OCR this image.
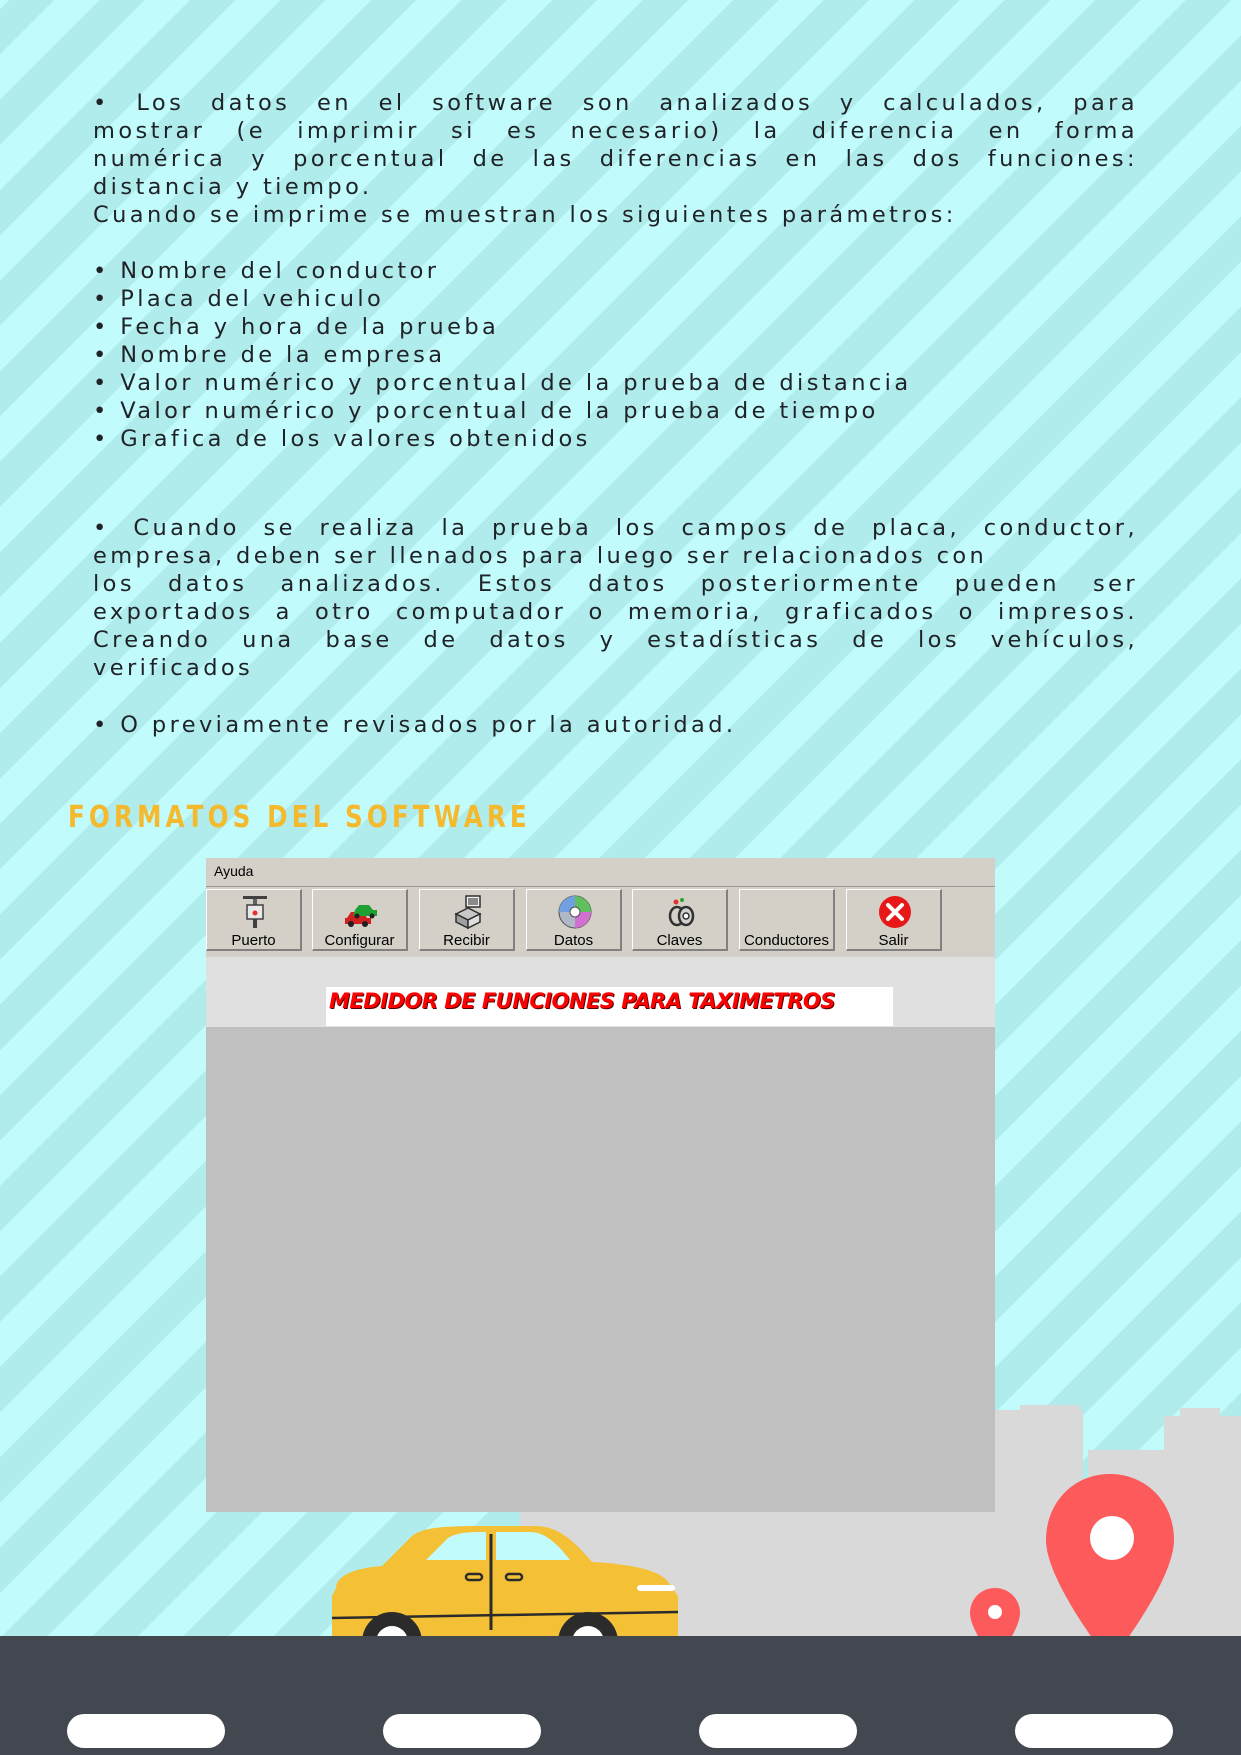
• Los datos en el software son analizados y calculados, para

mostrar (e imprimir si es necesario) la diferencia en forma

numérica y porcentual de las diferencias en las dos funciones:

distancia y tiempo.

Cuando se imprime se muestran los siguientes parámetros:

• Nombre del conductor

• Placa del vehiculo

• Fecha y hora de la prueba

• Nombre de la empresa

• Valor numérico y porcentual de la prueba de distancia

• Valor numérico y porcentual de la prueba de tiempo

• Grafica de los valores obtenidos

• Cuando se realiza la prueba los campos de placa, conductor,

empresa, deben ser llenados para luego ser relacionados con

los datos analizados. Estos datos posteriormente pueden ser

exportados a otro computador o memoria, graficados o impresos.

Creando una base de datos y estadísticas de los vehículos,

verificados

• O previamente revisados por la autoridad.

FORMATOS DEL SOFTWARE
Ayuda
Puerto	Configurar	Recibir	Datos	Claves	Conductores	Salir
MEDIDOR DE FUNCIONES PARA TAXIMETROS
